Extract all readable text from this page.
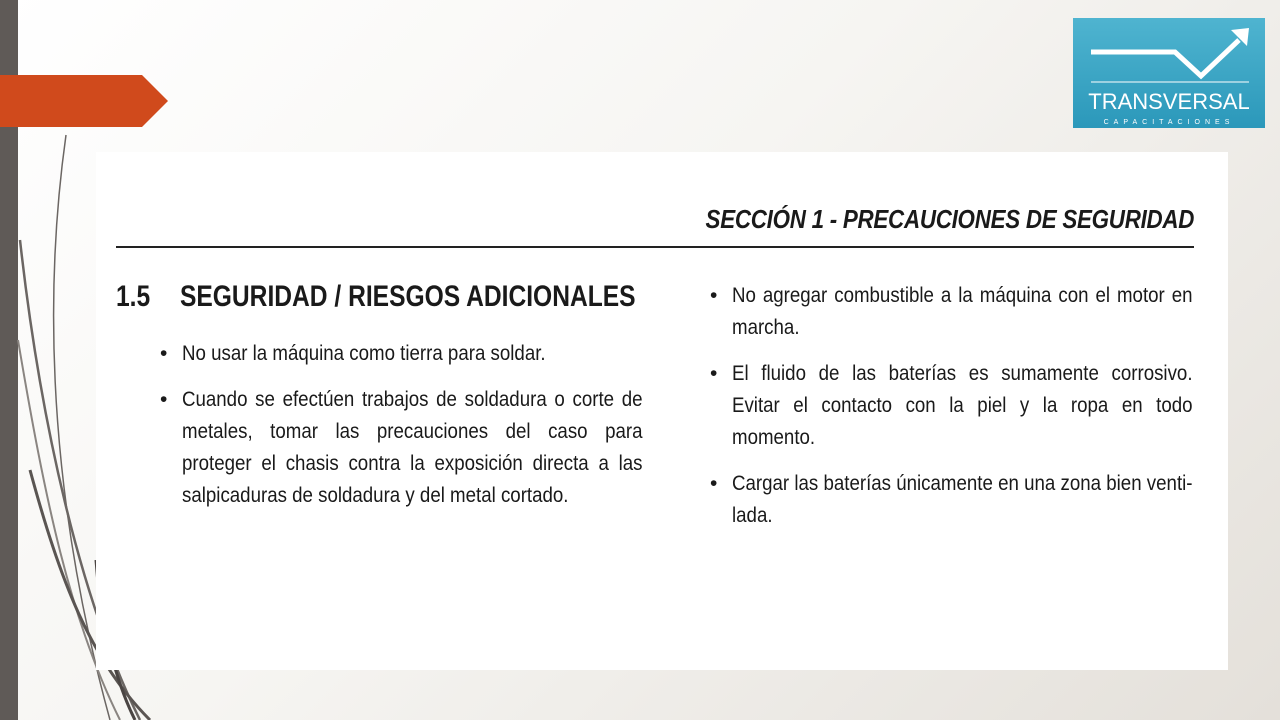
TRANSVERSAL
CAPACITACIONES
SECCIÓN 1 - PRECAUCIONES DE SEGURIDAD
1.5 SEGURIDAD / RIESGOS ADICIONALES
• No usar la máquina como tierra para soldar.
• Cuando se efectúen trabajos de soldadura o corte de metales, tomar las precauciones del caso para proteger el chasis contra la exposición directa a las salpicaduras de soldadura y del metal cortado.
• No agregar combustible a la máquina con el motor en marcha.
• El fluido de las baterías es sumamente corrosivo. Evitar el contacto con la piel y la ropa en todo momento.
• Cargar las baterías únicamente en una zona bien venti-lada.
